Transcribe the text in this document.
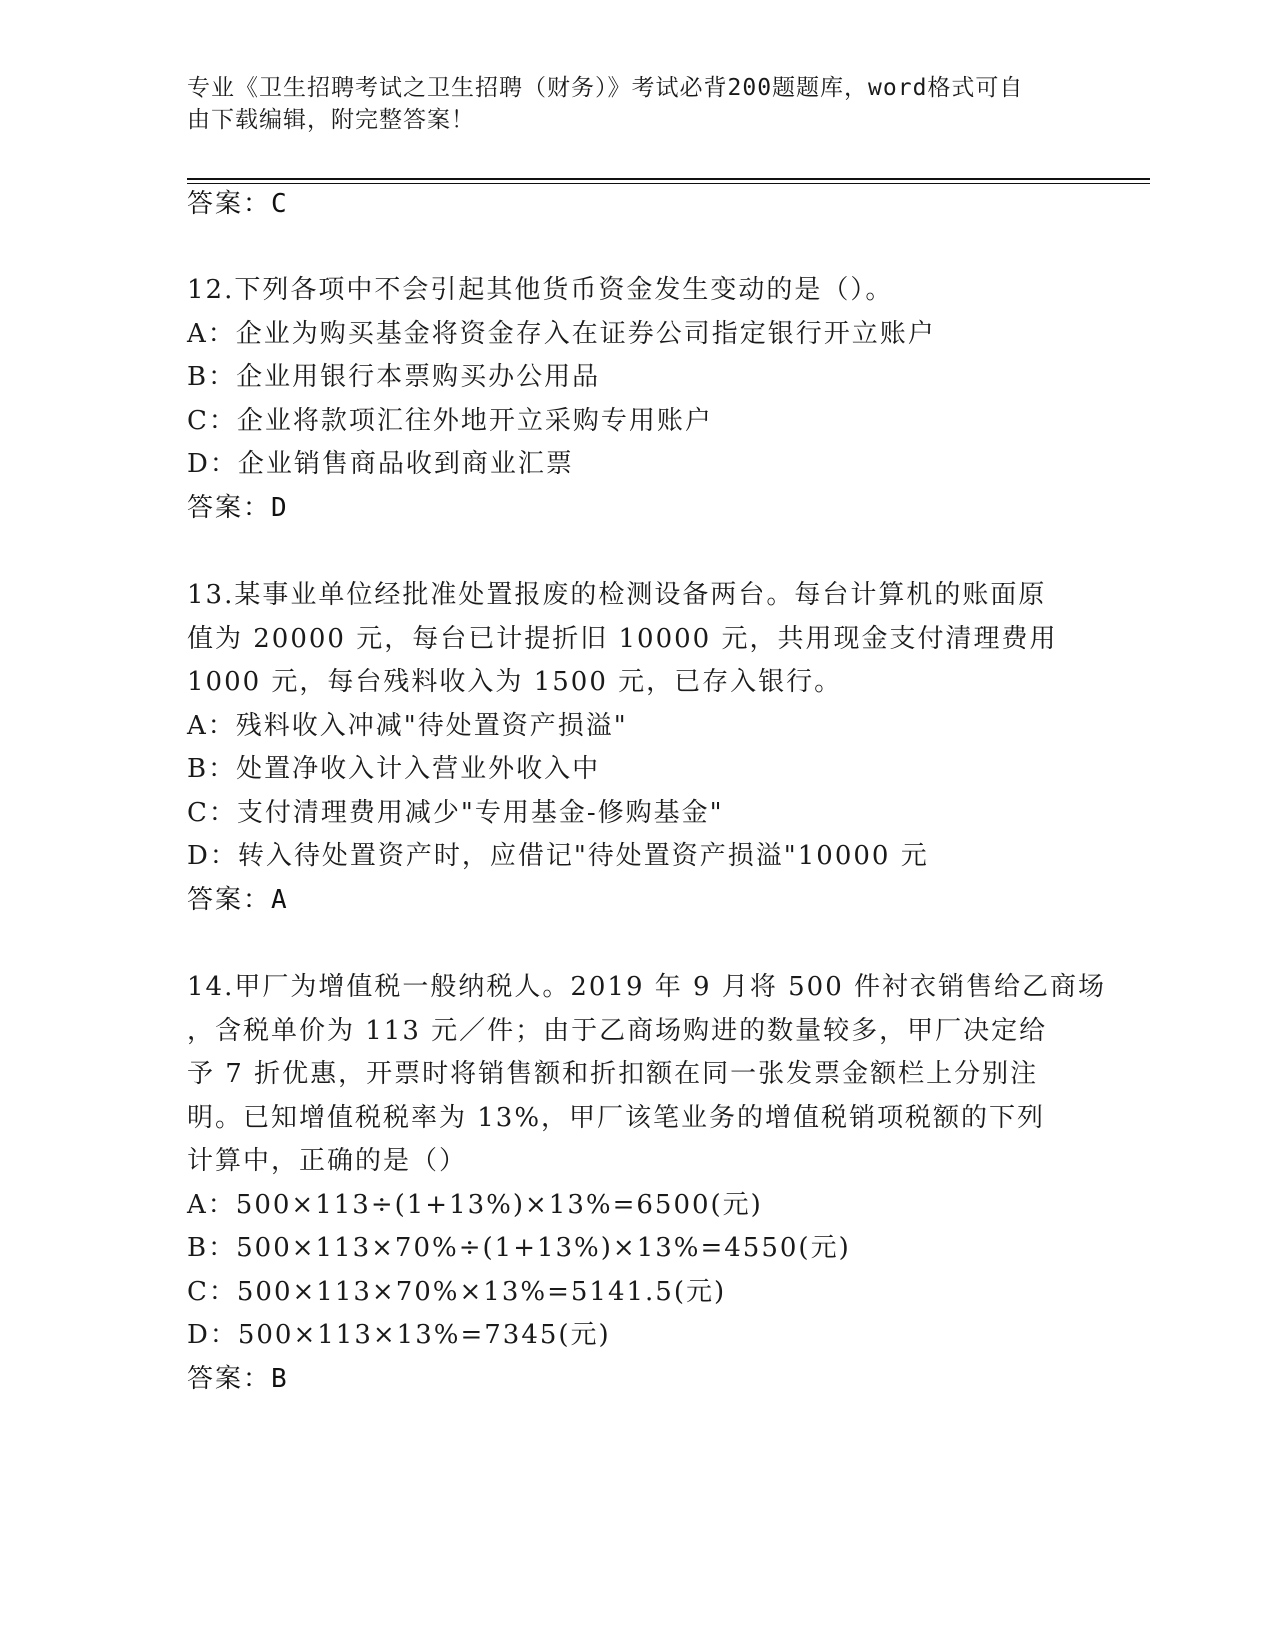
专业《卫生招聘考试之卫生招聘（财务）》考试必背200题题库，word格式可自
由下载编辑，附完整答案！
答案：C
12.下列各项中不会引起其他货币资金发生变动的是（）。
A：企业为购买基金将资金存入在证券公司指定银行开立账户
B：企业用银行本票购买办公用品
C：企业将款项汇往外地开立采购专用账户
D：企业销售商品收到商业汇票
答案：D
13.某事业单位经批准处置报废的检测设备两台。每台计算机的账面原
值为 20000 元，每台已计提折旧 10000 元，共用现金支付清理费用
1000 元，每台残料收入为 1500 元，已存入银行。
A：残料收入冲减"待处置资产损溢"
B：处置净收入计入营业外收入中
C：支付清理费用减少"专用基金-修购基金"
D：转入待处置资产时，应借记"待处置资产损溢"10000 元
答案：A
14.甲厂为增值税一般纳税人。2019 年 9 月将 500 件衬衣销售给乙商场
，含税单价为 113 元／件；由于乙商场购进的数量较多，甲厂决定给
予 7 折优惠，开票时将销售额和折扣额在同一张发票金额栏上分别注
明。已知增值税税率为 13%，甲厂该笔业务的增值税销项税额的下列
计算中，正确的是（）
A：500×113÷(1+13%)×13%=6500(元)
B：500×113×70%÷(1+13%)×13%=4550(元)
C：500×113×70%×13%=5141.5(元)
D：500×113×13%=7345(元)
答案：B
